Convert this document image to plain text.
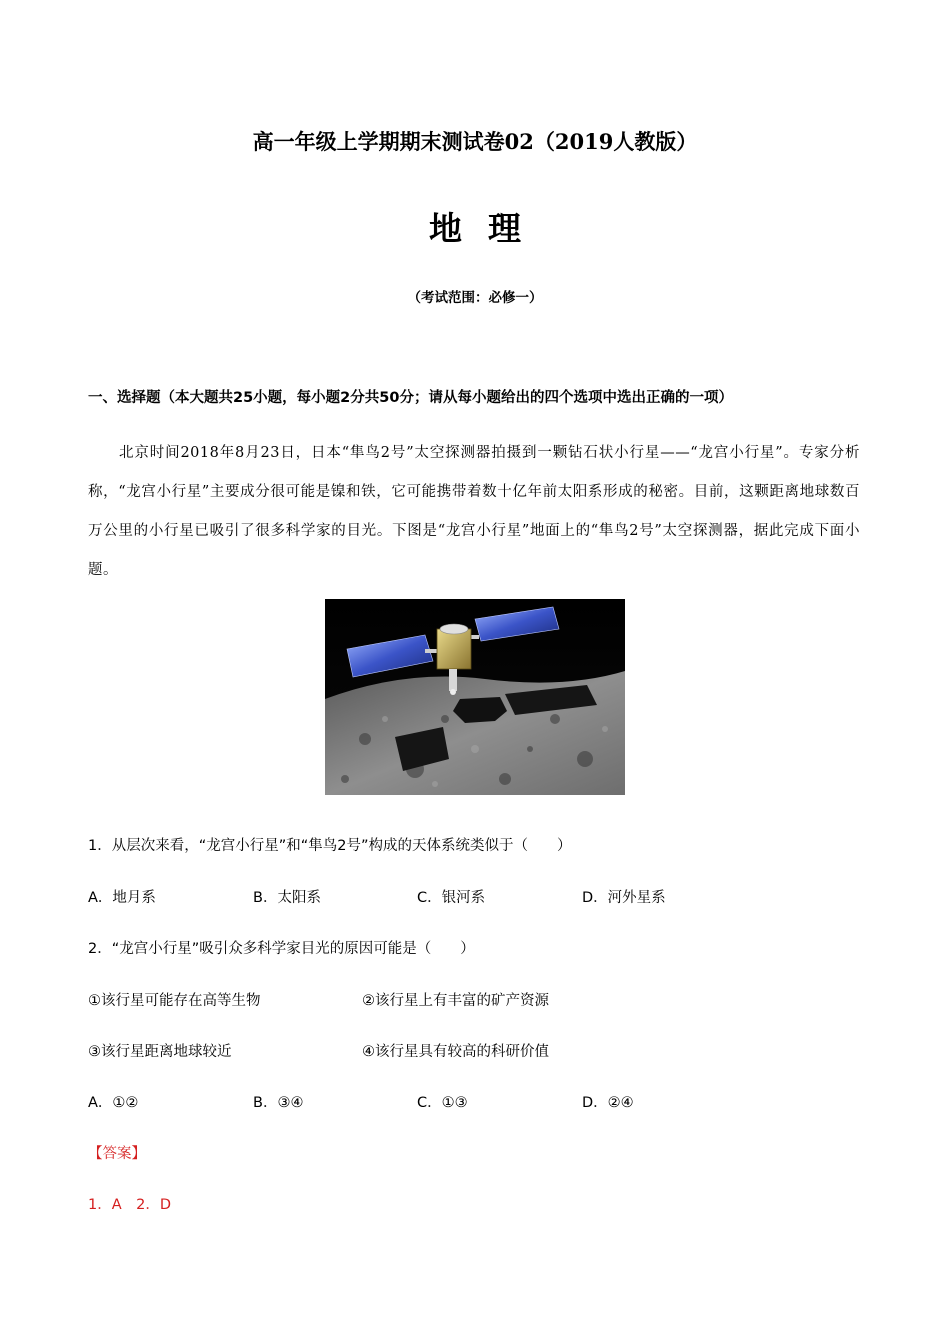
高一年级上学期期末测试卷02（2019人教版）
地理
（考试范围：必修一）
一、选择题（本大题共25小题，每小题2分共50分；请从每小题给出的四个选项中选出正确的一项）
北京时间2018年8月23日，日本“隼鸟2号”太空探测器拍摄到一颗钻石状小行星——“龙宫小行星”。专家分析称，“龙宫小行星”主要成分很可能是镍和铁，它可能携带着数十亿年前太阳系形成的秘密。目前，这颗距离地球数百万公里的小行星已吸引了很多科学家的目光。下图是“龙宫小行星”地面上的“隼鸟2号”太空探测器，据此完成下面小题。
1．从层次来看，“龙宫小行星”和“隼鸟2号”构成的天体系统类似于（　　）
A．地月系	B．太阳系	C．银河系	D．河外星系
2．“龙宫小行星”吸引众多科学家目光的原因可能是（　　）
①该行星可能存在高等生物	②该行星上有丰富的矿产资源
③该行星距离地球较近	④该行星具有较高的科研价值
A．①②	B．③④	C．①③	D．②④
【答案】
1．A　2．D
